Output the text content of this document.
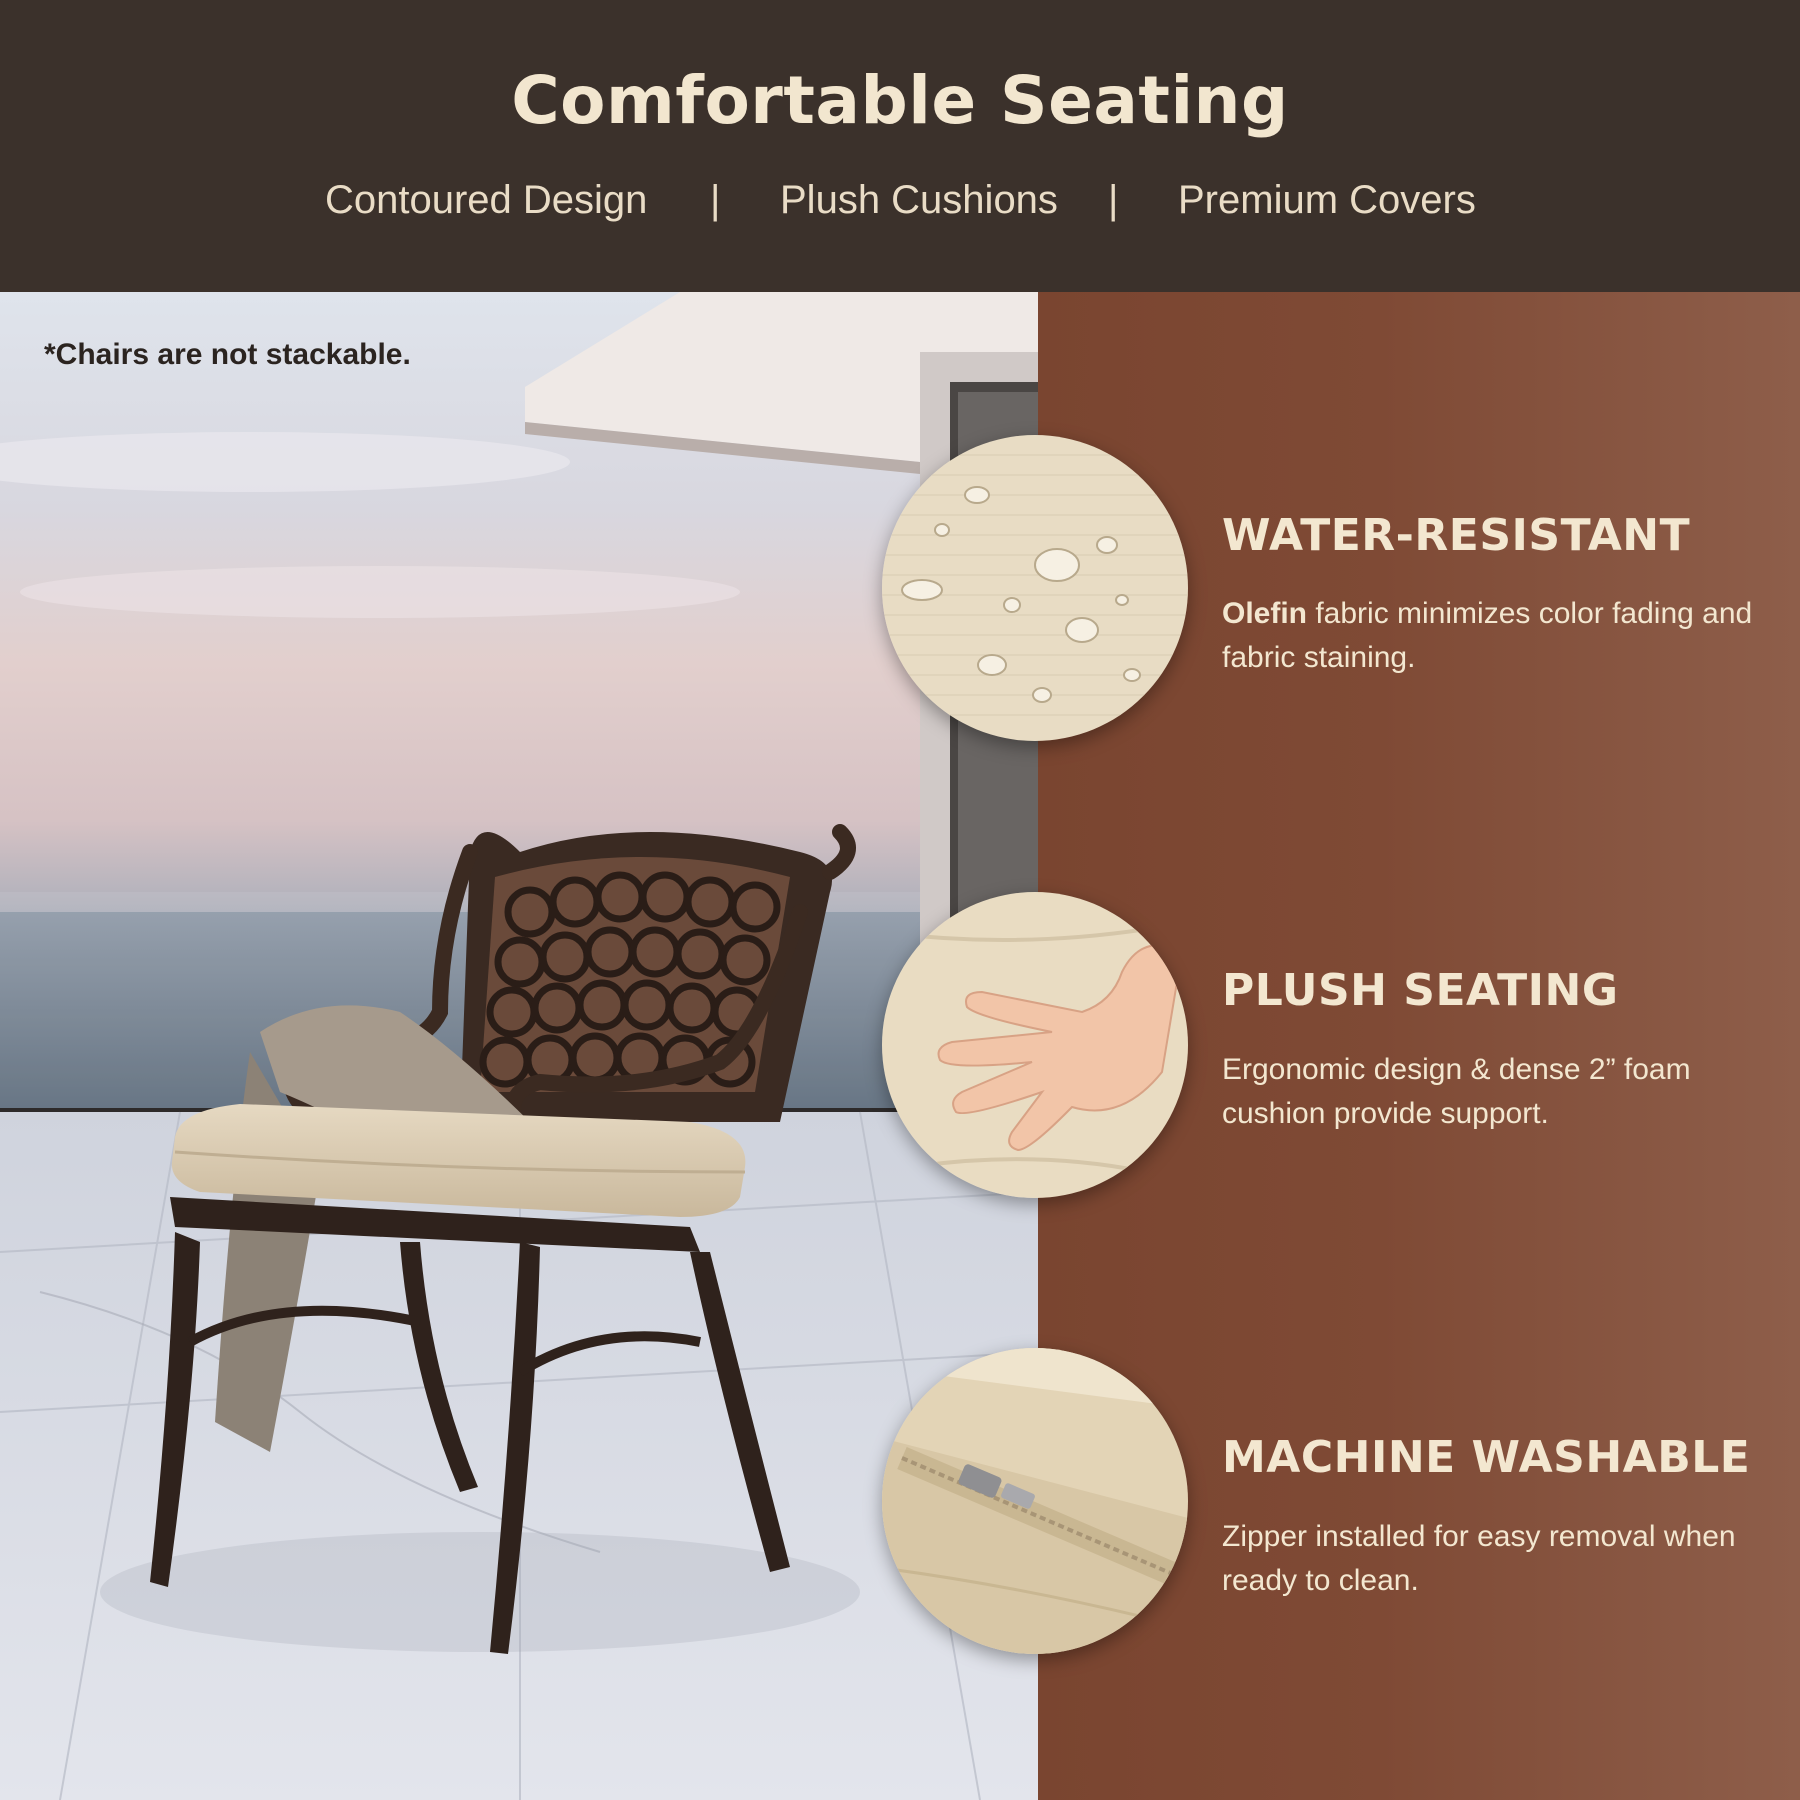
Comfortable Seating
Contoured Design | Plush Cushions | Premium Covers
*Chairs are not stackable.
WATER-RESISTANT
Olefin fabric minimizes color fading and fabric staining.
PLUSH SEATING
Ergonomic design & dense 2” foam cushion provide support.
MACHINE WASHABLE
Zipper installed for easy removal when ready to clean.
